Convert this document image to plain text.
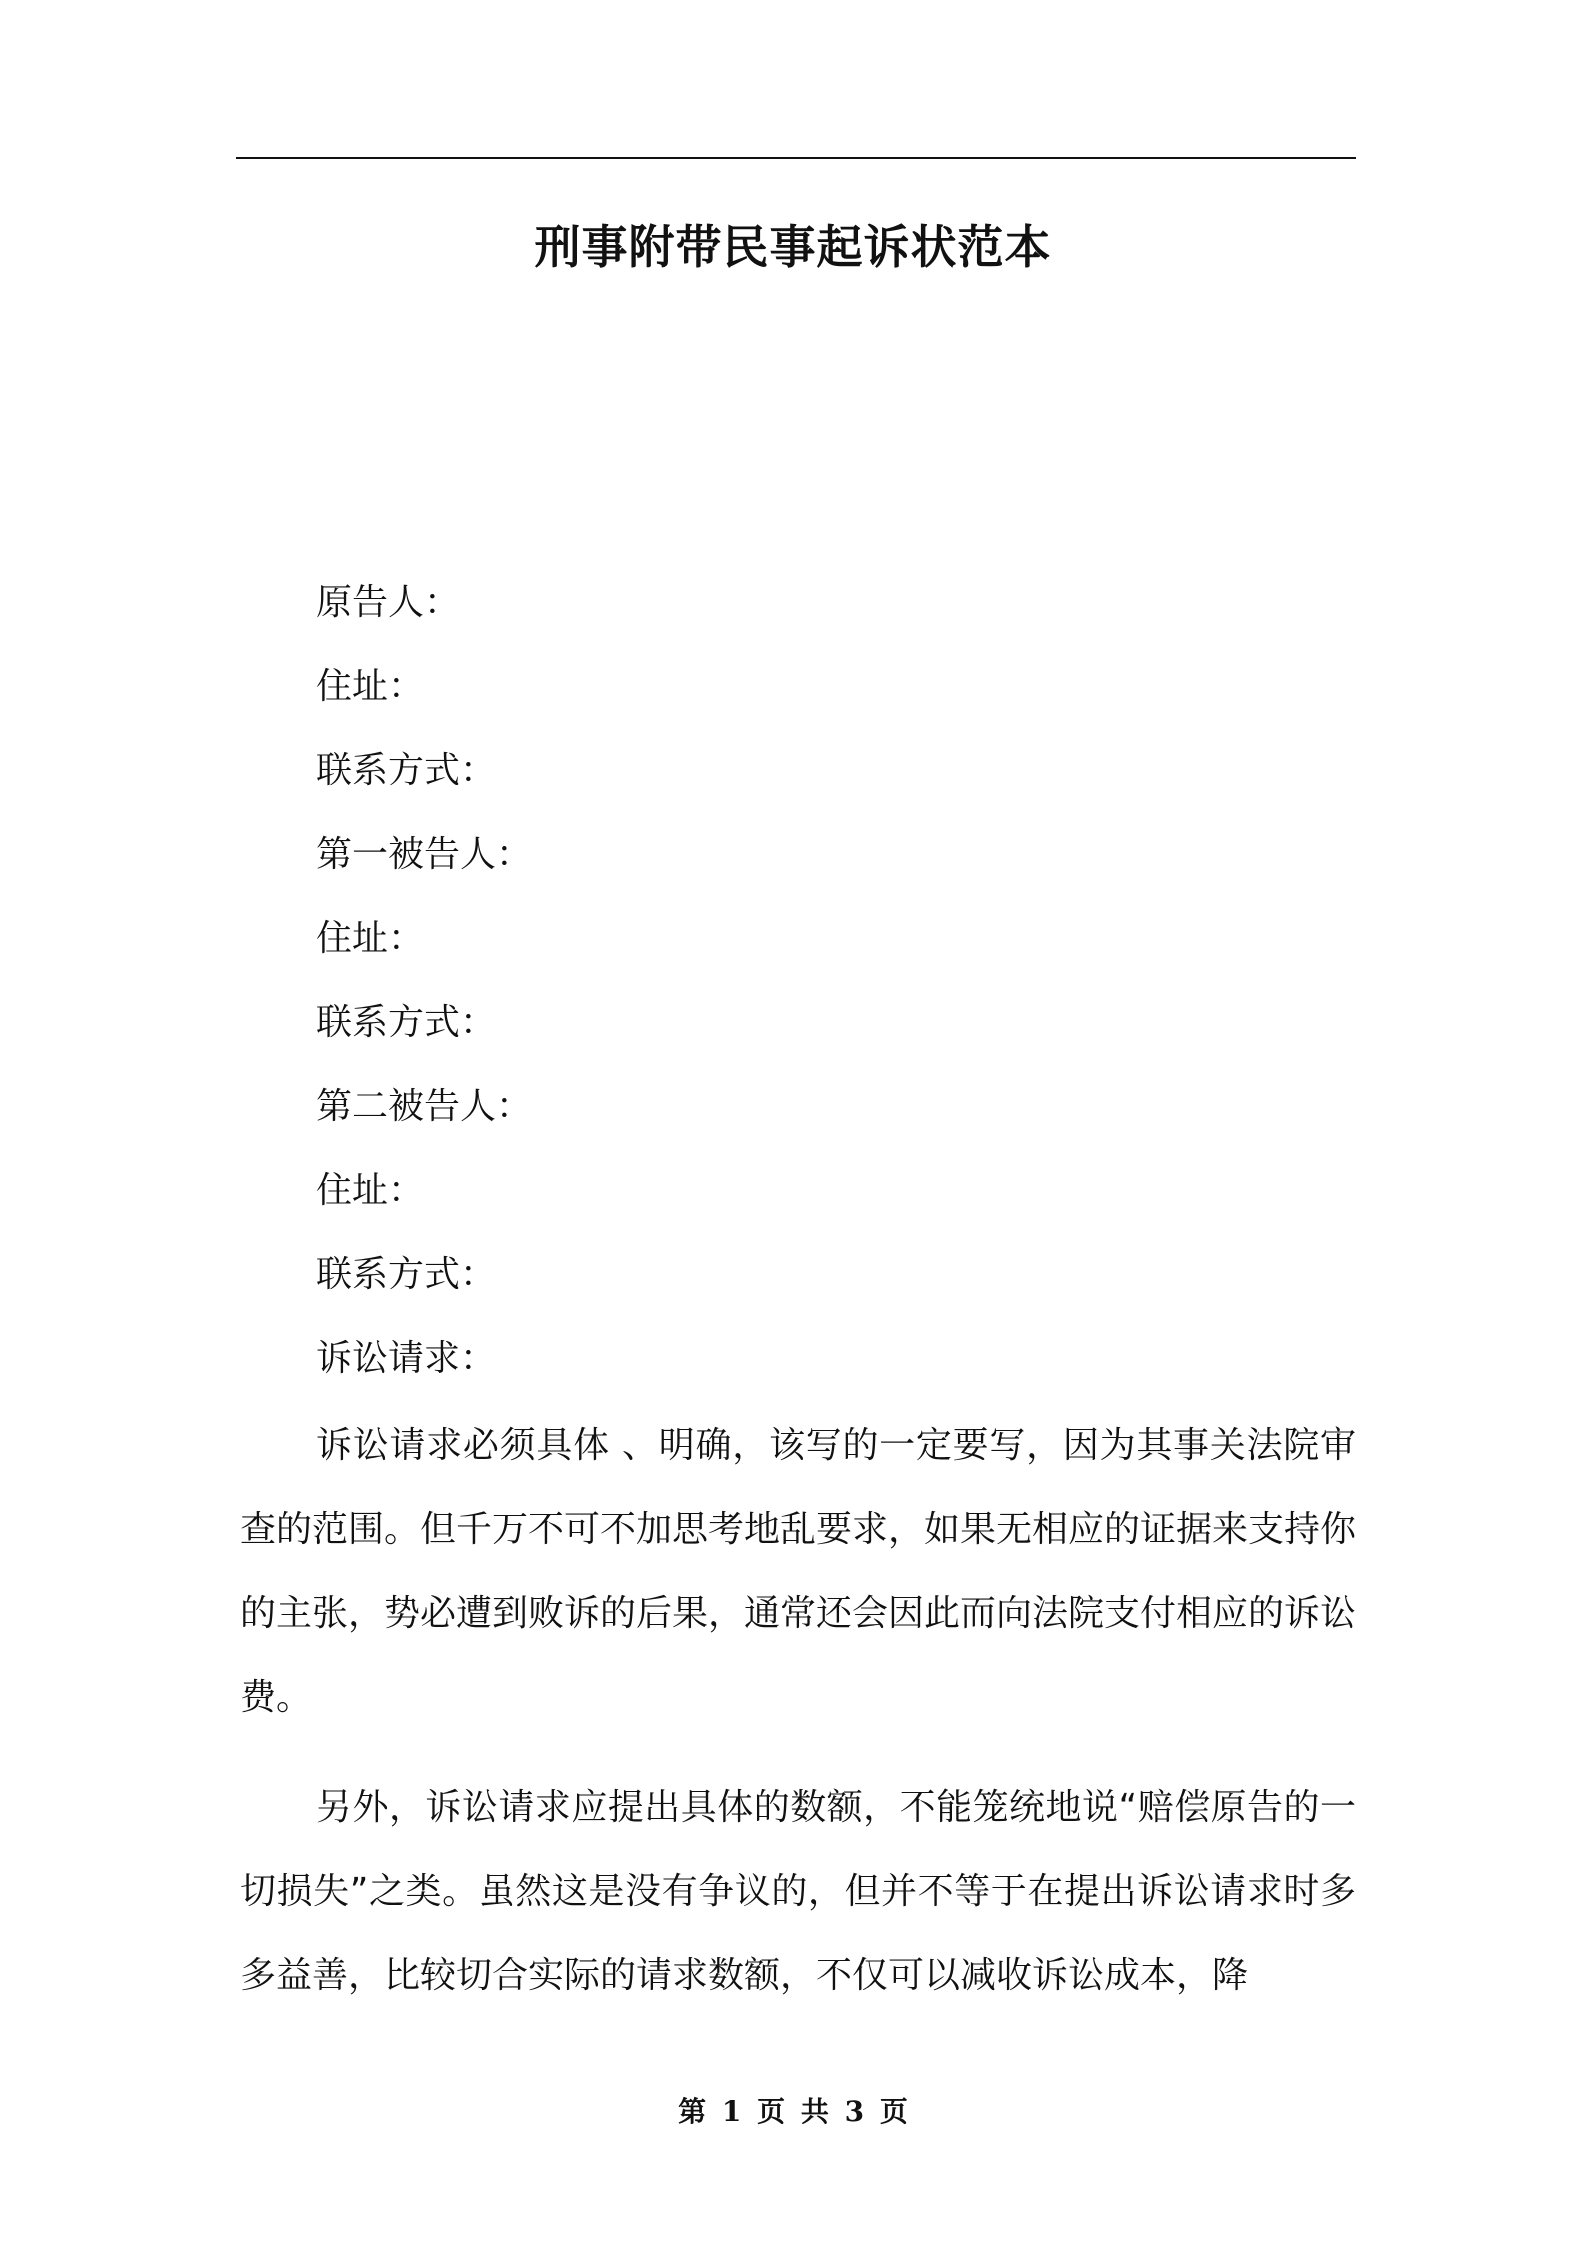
刑事附带民事起诉状范本
原告人：
住址：
联系方式：
第一被告人：
住址：
联系方式：
第二被告人：
住址：
联系方式：
诉讼请求：

诉讼请求必须具体 、明确，该写的一定要写，因为其事关法院审查的范围。但千万不可不加思考地乱要求，如果无相应的证据来支持你的主张，势必遭到败诉的后果，通常还会因此而向法院支付相应的诉讼费。

另外，诉讼请求应提出具体的数额，不能笼统地说“赔偿原告的一切损失”之类。虽然这是没有争议的，但并不等于在提出诉讼请求时多多益善，比较切合实际的请求数额，不仅可以减收诉讼成本，降

第 1 页 共 3 页
